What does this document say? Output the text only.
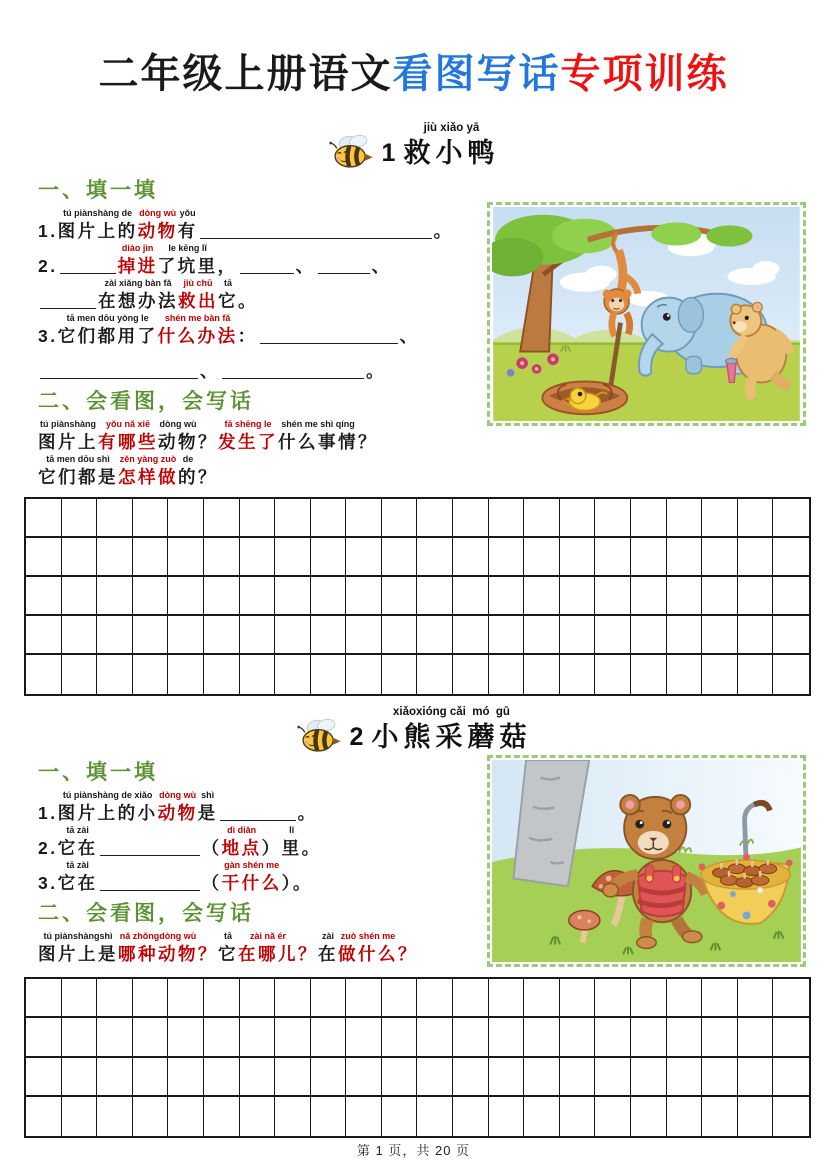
二年级上册语文看图写话专项训练
1
jiù xiǎo yā
救小鸭
一、填一填

1.
tú piànshàng de
图片上的
dòng wù
动物
yǒu
有
	。

2.
diào jìn
掉进
le kēng lǐ
了坑里
，
	、
	、
zài xiǎng bàn fǎ
在想办法
jiù chū
救出
tā
它
。

3.
tā men dōu yòng le
它们都用了
shén me bàn fǎ
什么办法
：
	、

、
	。
二、会看图，会写话
tú piànshàng
图片上
yǒu nǎ xiē
有哪些
dòng wù
动物
？
fā shēng le
发生了
shén me shì qíng
什么事情
？
tā men dōu shì
它们都是
zěn yàng zuò
怎样做
de
的
？
2
xiǎoxióng cǎi  mó  gū
小熊采蘑菇
一、填一填

1.
tú piànshàng de xiǎo
图片上的小
dòng wù
动物
shì
是
	。

2.
tā zài
它在
	（
dì diǎn
地点
）
lǐ
里
。

3.
tā zài
它在
	（
gàn shén me
干什么
）。
二、会看图，会写话
tú piànshàngshì
图片上是
nǎ zhǒngdòng wù
哪种动物
？
tā
它
zài nǎ ér
在哪儿
？
zài
在
zuò shén me
做什么
？
第 1 页，共 20 页
